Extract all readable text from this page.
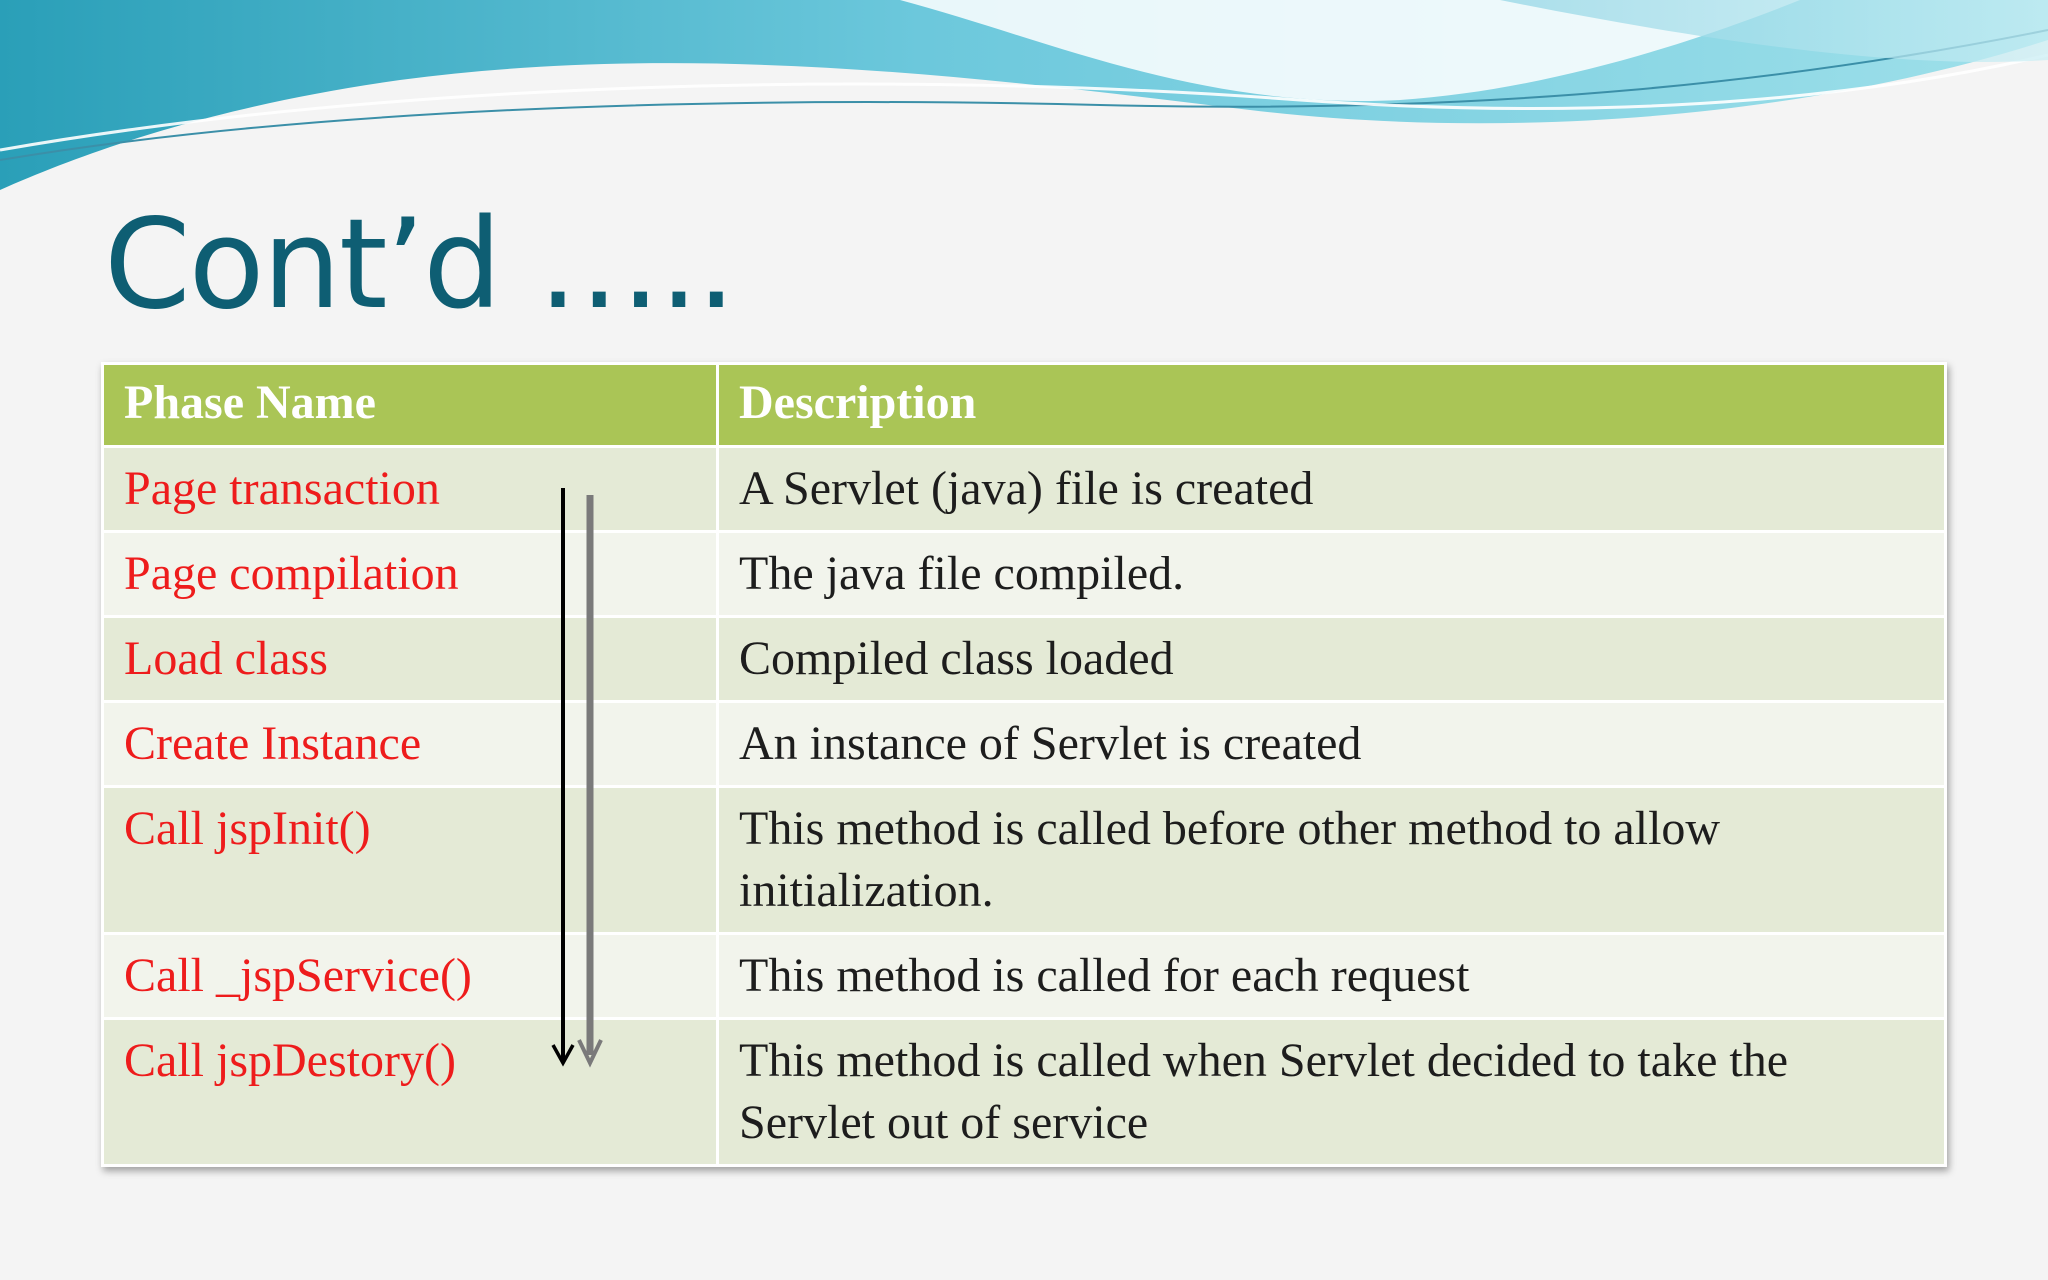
Cont’d …..
Phase Name	Description
Page transaction	A Servlet (java) file is created
Page compilation	The java file compiled.
Load class	Compiled class loaded
Create Instance	An instance of Servlet is created
Call jspInit()	This method is called before other method to allow initialization.
Call _jspService()	This method is called for each request
Call jspDestory()	This method is called when Servlet decided to take the Servlet out of service
